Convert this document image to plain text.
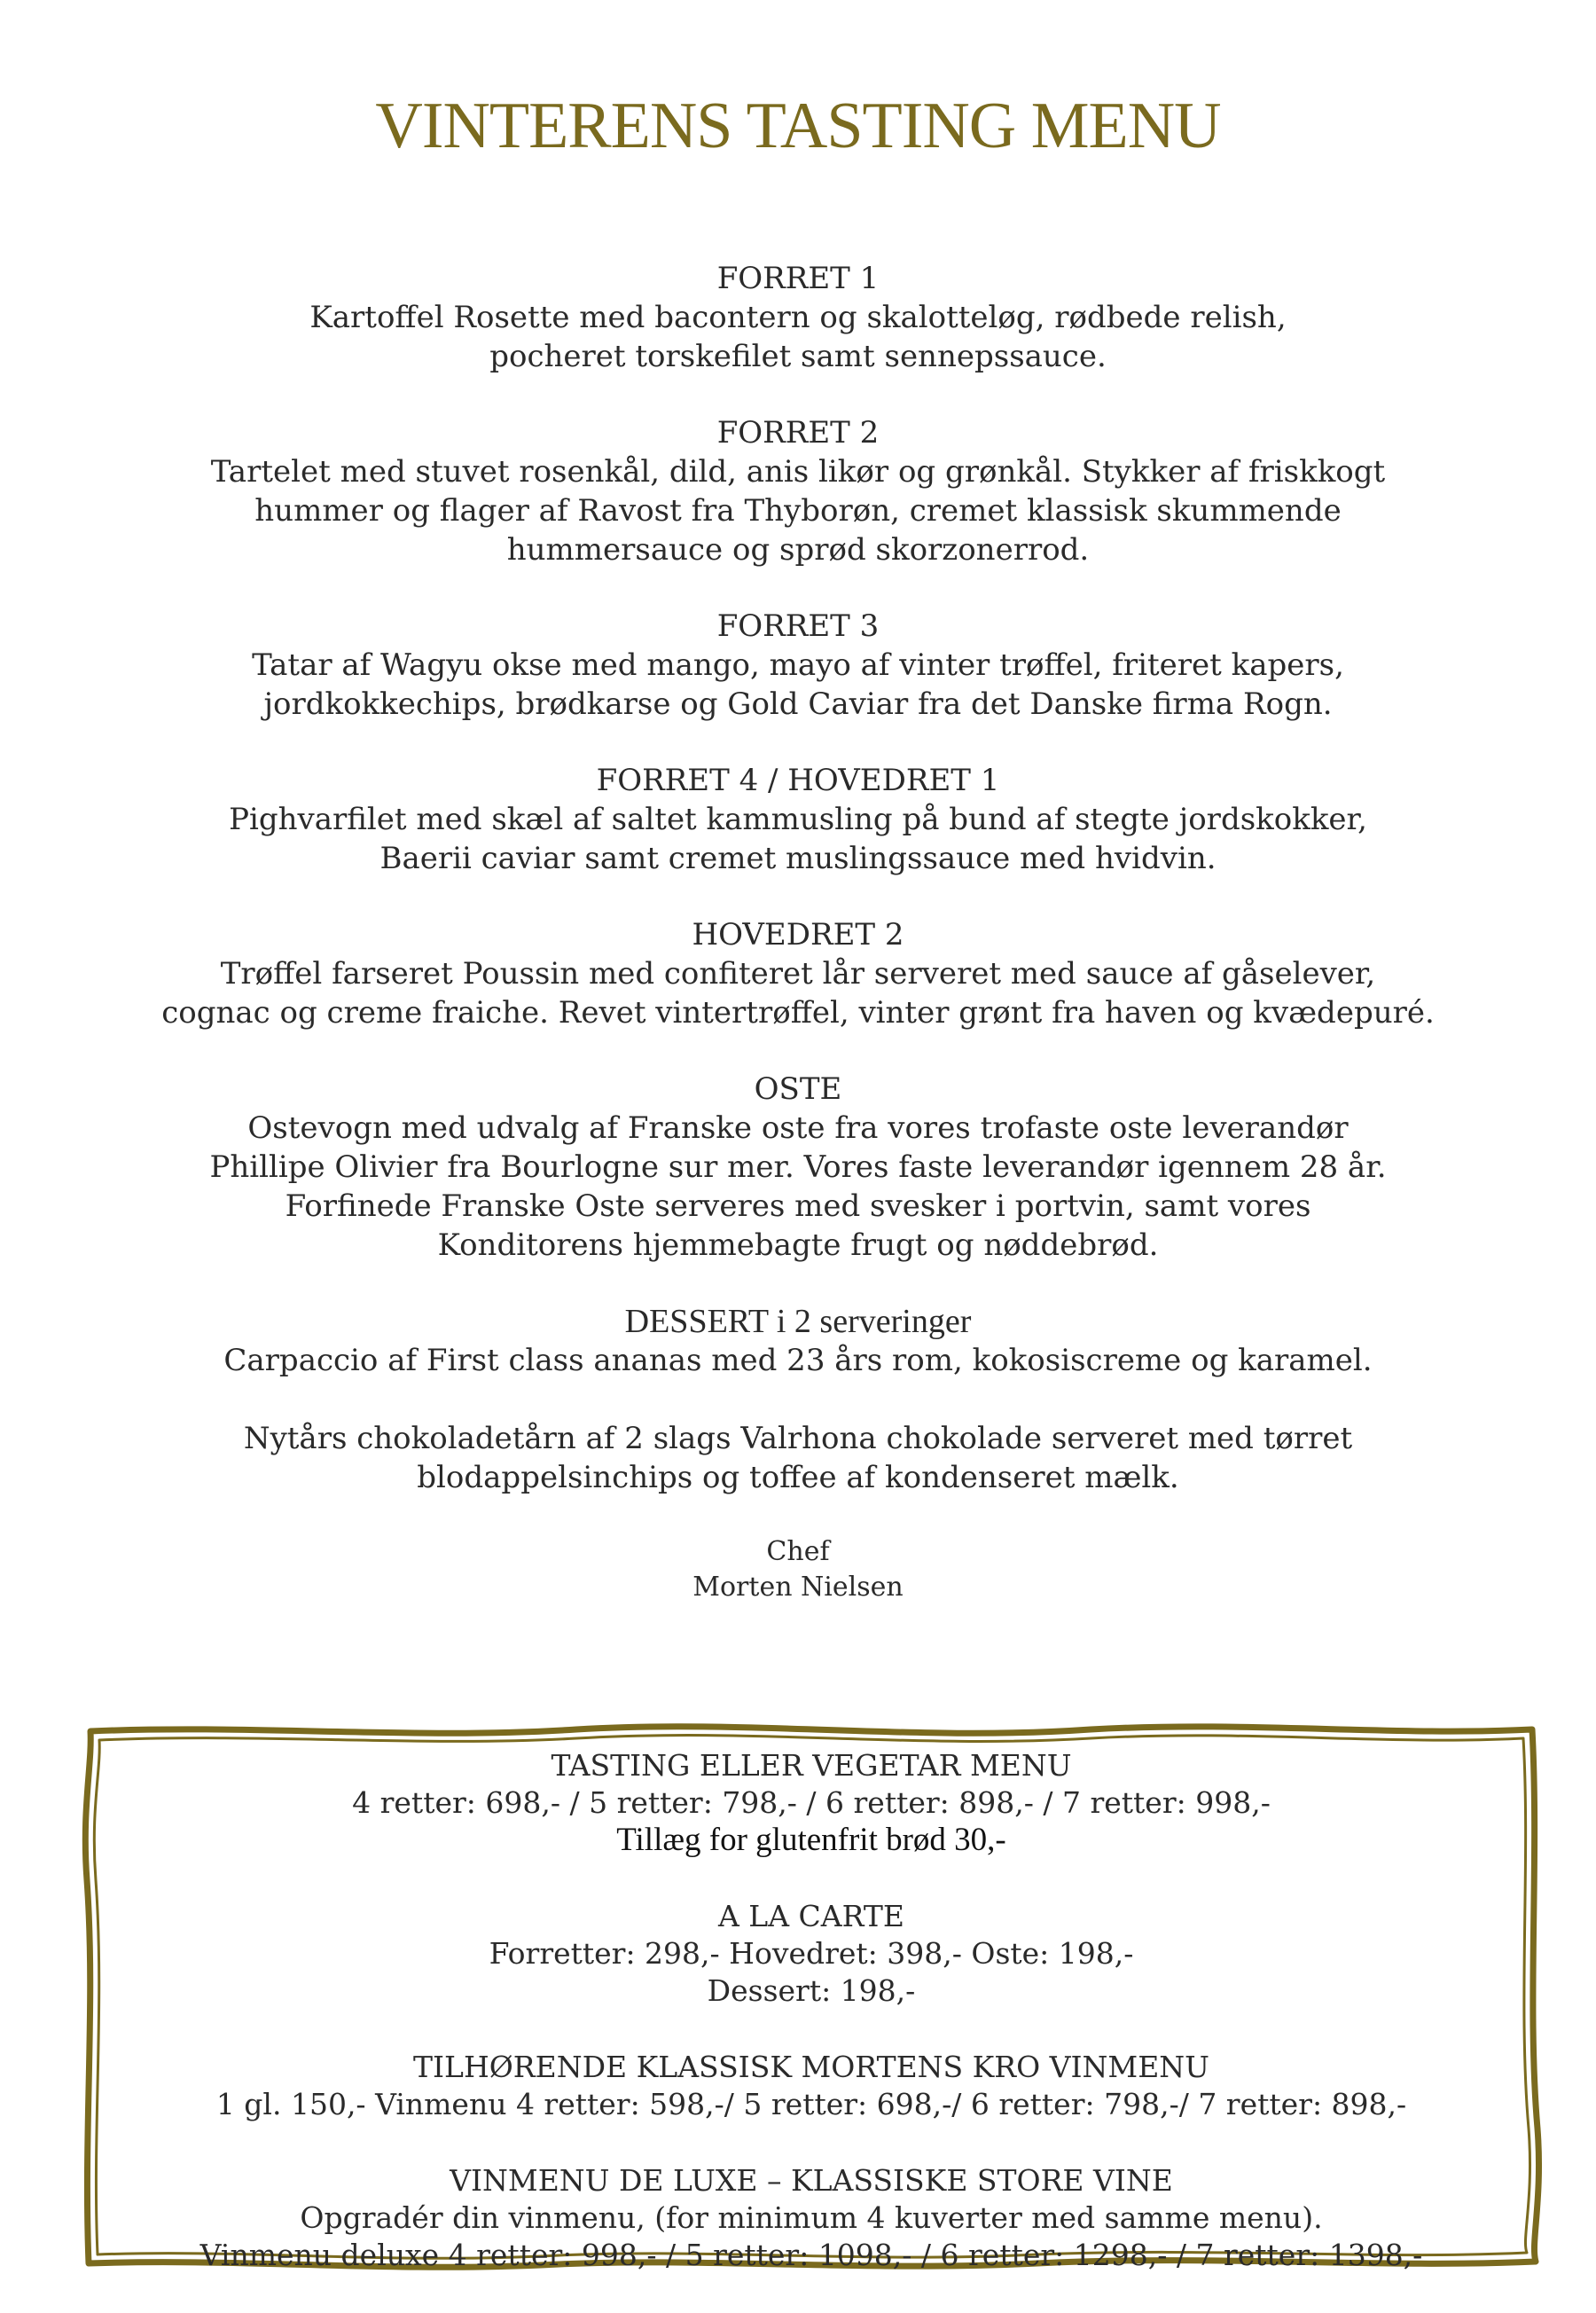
VINTERENS TASTING MENU
FORRET 1
Kartoffel Rosette med bacontern og skalotteløg, rødbede relish,
pocheret torskefilet samt sennepssauce.
FORRET 2
Tartelet med stuvet rosenkål, dild, anis likør og grønkål. Stykker af friskkogt
hummer og flager af Ravost fra Thyborøn, cremet klassisk skummende
hummersauce og sprød skorzonerrod.
FORRET 3
Tatar af Wagyu okse med mango, mayo af vinter trøffel, friteret kapers,
jordkokkechips, brødkarse og Gold Caviar fra det Danske firma Rogn.
FORRET 4 / HOVEDRET 1
Pighvarfilet med skæl af saltet kammusling på bund af stegte jordskokker,
Baerii caviar samt cremet muslingssauce med hvidvin.
HOVEDRET 2
Trøffel farseret Poussin med confiteret lår serveret med sauce af gåselever,
cognac og creme fraiche. Revet vintertrøffel, vinter grønt fra haven og kvædepuré.
OSTE
Ostevogn med udvalg af Franske oste fra vores trofaste oste leverandør
Phillipe Olivier fra Bourlogne sur mer. Vores faste leverandør igennem 28 år.
Forfinede Franske Oste serveres med svesker i portvin, samt vores
Konditorens hjemmebagte frugt og nøddebrød.
DESSERT i 2 serveringer
Carpaccio af First class ananas med 23 års rom, kokosiscreme og karamel.
Nytårs chokoladetårn af 2 slags Valrhona chokolade serveret med tørret
blodappelsinchips og toffee af kondenseret mælk.
Chef
Morten Nielsen
TASTING ELLER VEGETAR MENU
4 retter: 698,- / 5 retter: 798,- / 6 retter: 898,- / 7 retter: 998,-
Tillæg for glutenfrit brød 30,-
A LA CARTE
Forretter: 298,- Hovedret: 398,- Oste: 198,-
Dessert: 198,-
TILHØRENDE KLASSISK MORTENS KRO VINMENU
1 gl. 150,- Vinmenu 4 retter: 598,-/ 5 retter: 698,-/ 6 retter: 798,-/ 7 retter: 898,-
VINMENU DE LUXE – KLASSISKE STORE VINE
Opgradér din vinmenu, (for minimum 4 kuverter med samme menu).
Vinmenu deluxe 4 retter: 998,- / 5 retter: 1098,- / 6 retter: 1298,- / 7 retter: 1398,-
